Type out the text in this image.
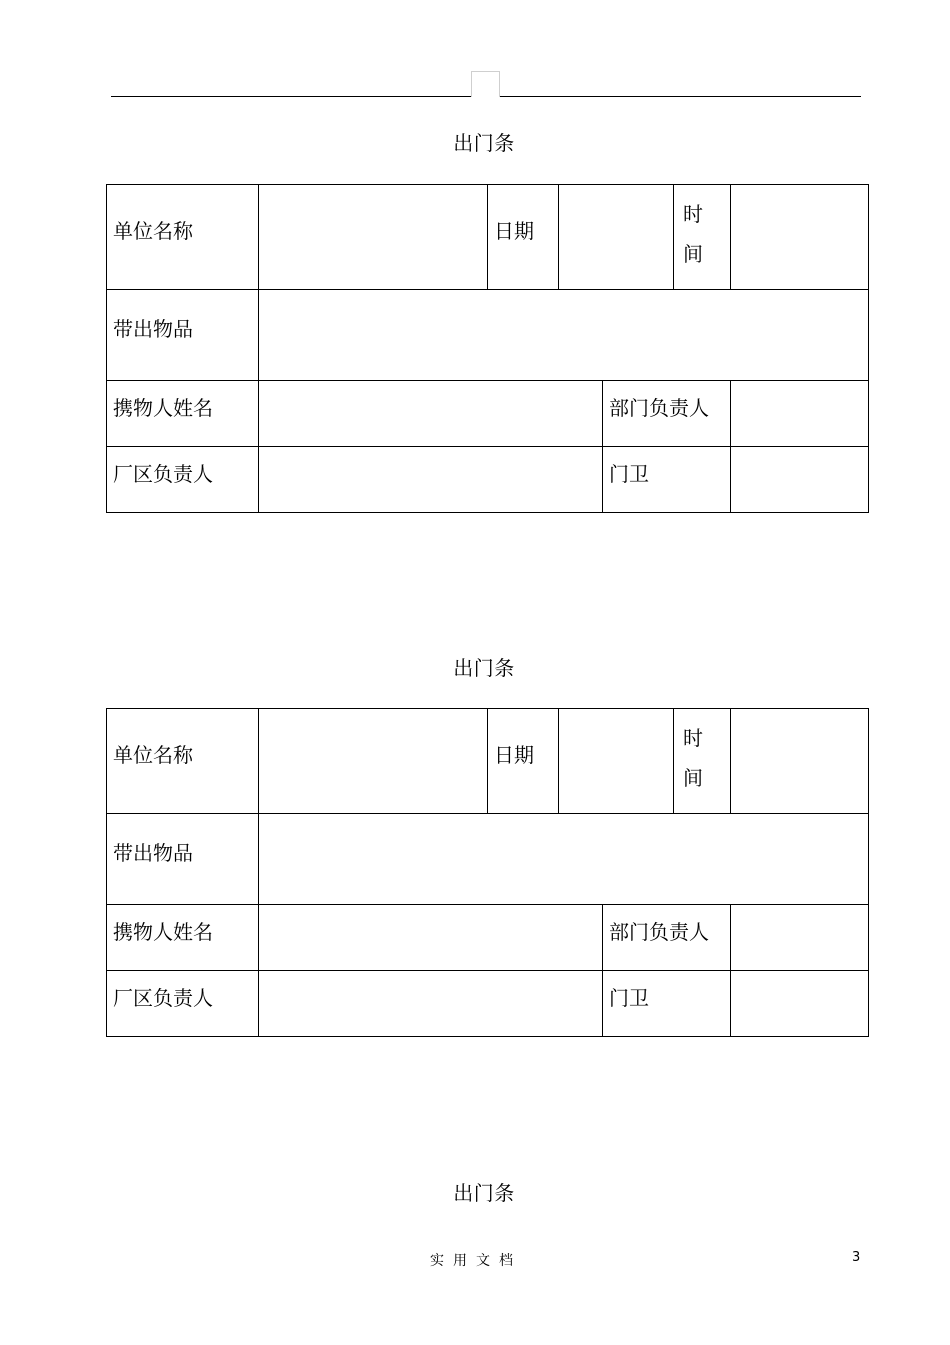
出门条
单位名称		日期			时
间	
带出物品						
携物人姓名				部门负责人		
厂区负责人				门卫		
出门条
单位名称		日期			时
间	
带出物品						
携物人姓名				部门负责人		
厂区负责人				门卫		
出门条
实用文档	3
